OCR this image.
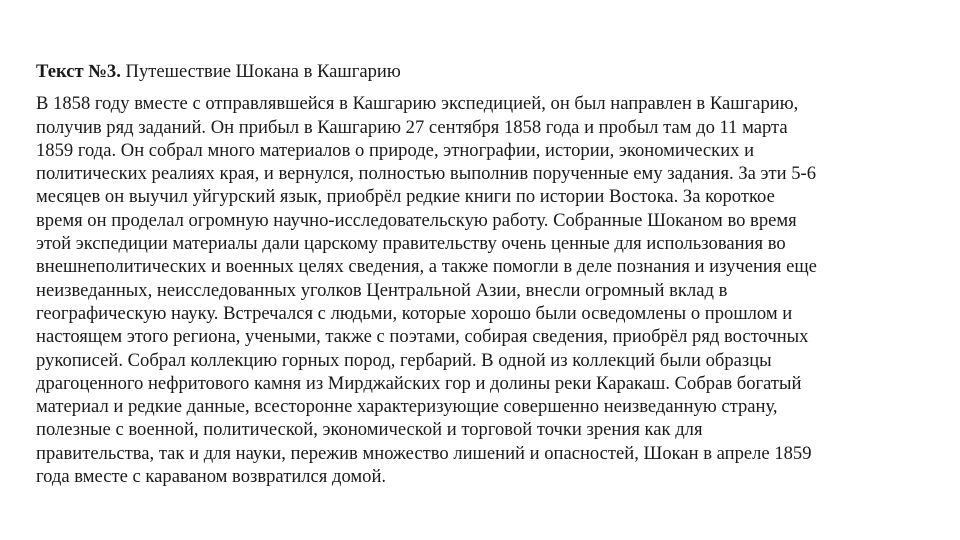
Текст №3. Путешествие Шокана в Кашгарию

В 1858 году вместе с отправлявшейся в Кашгарию экспедицией, он был направлен в Кашгарию,
получив ряд заданий. Он прибыл в Кашгарию 27 сентября 1858 года и пробыл там до 11 марта
1859 года. Он собрал много материалов о природе, этнографии, истории, экономических и
политических реалиях края, и вернулся, полностью выполнив порученные ему задания. За эти 5-6
месяцев он выучил уйгурский язык, приобрёл редкие книги по истории Востока. За короткое
время он проделал огромную научно-исследовательскую работу. Собранные Шоканом во время
этой экспедиции материалы дали царскому правительству очень ценные для использования во
внешнеполитических и военных целях сведения, а также помогли в деле познания и изучения еще
неизведанных, неисследованных уголков Центральной Азии, внесли огромный вклад в
географическую науку. Встречался с людьми, которые хорошо были осведомлены о прошлом и
настоящем этого региона, учеными, также с поэтами, собирая сведения, приобрёл ряд восточных
рукописей. Собрал коллекцию горных пород, гербарий. В одной из коллекций были образцы
драгоценного нефритового камня из Мирджайских гор и долины реки Каракаш. Собрав богатый
материал и редкие данные, всесторонне характеризующие совершенно неизведанную страну,
полезные с военной, политической, экономической и торговой точки зрения как для
правительства, так и для науки, пережив множество лишений и опасностей, Шокан в апреле 1859
года вместе с караваном возвратился домой.
